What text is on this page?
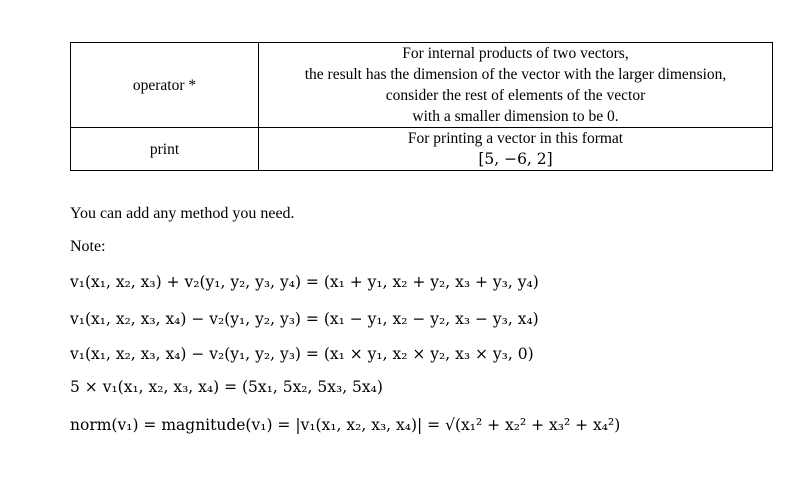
operator *	For internal products of two vectors,
the result has the dimension of the vector with the larger dimension,
consider the rest of elements of the vector
with a smaller dimension to be 0.

print	For printing a vector in this format
[5, −6, 2]
You can add any method you need.
Note:
v₁(x₁, x₂, x₃) + v₂(y₁, y₂, y₃, y₄) = (x₁ + y₁, x₂ + y₂, x₃ + y₃, y₄)
v₁(x₁, x₂, x₃, x₄) − v₂(y₁, y₂, y₃) = (x₁ − y₁, x₂ − y₂, x₃ − y₃, x₄)
v₁(x₁, x₂, x₃, x₄) − v₂(y₁, y₂, y₃) = (x₁ × y₁, x₂ × y₂, x₃ × y₃, 0)
5 × v₁(x₁, x₂, x₃, x₄) = (5x₁, 5x₂, 5x₃, 5x₄)
norm(v₁) = magnitude(v₁) = |v₁(x₁, x₂, x₃, x₄)| = √(x₁² + x₂² + x₃² + x₄²)
